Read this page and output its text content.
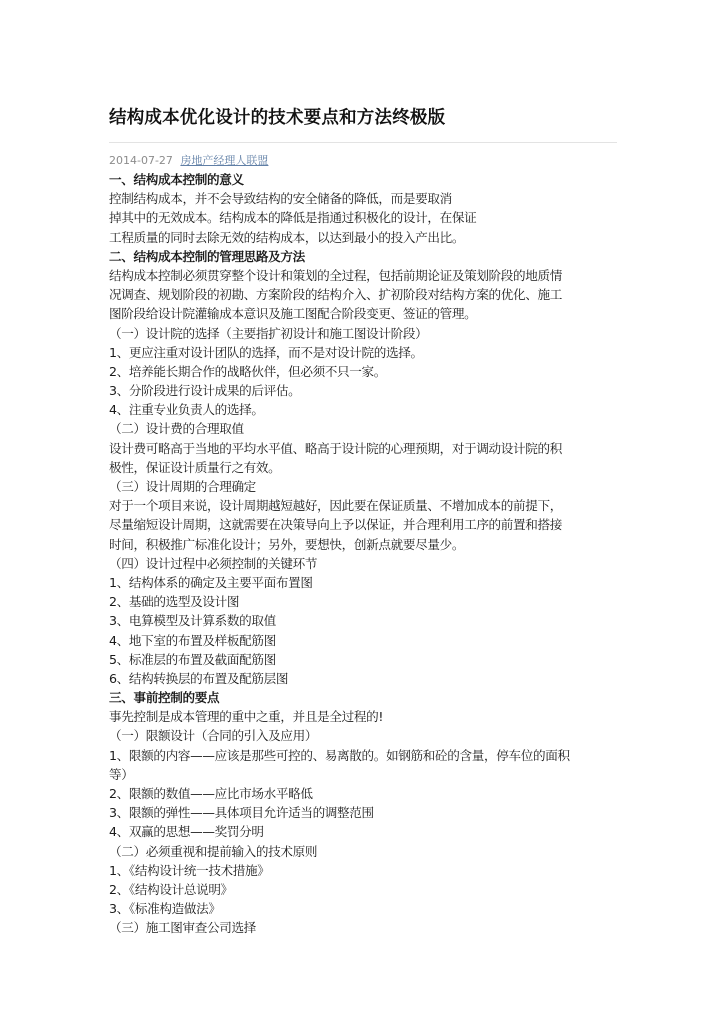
结构成本优化设计的技术要点和方法终极版
2014-07-27 房地产经理人联盟
一、结构成本控制的意义
控制结构成本，并不会导致结构的安全储备的降低，而是要取消
掉其中的无效成本。结构成本的降低是指通过积极化的设计，在保证
工程质量的同时去除无效的结构成本，以达到最小的投入产出比。
二、结构成本控制的管理思路及方法
结构成本控制必须贯穿整个设计和策划的全过程，包括前期论证及策划阶段的地质情
况调查、规划阶段的初勘、方案阶段的结构介入、扩初阶段对结构方案的优化、施工
图阶段给设计院灌输成本意识及施工图配合阶段变更、签证的管理。
（一）设计院的选择（主要指扩初设计和施工图设计阶段）
1、更应注重对设计团队的选择，而不是对设计院的选择。
2、培养能长期合作的战略伙伴，但必须不只一家。
3、分阶段进行设计成果的后评估。
4、注重专业负责人的选择。
（二）设计费的合理取值
设计费可略高于当地的平均水平值、略高于设计院的心理预期，对于调动设计院的积
极性，保证设计质量行之有效。
（三）设计周期的合理确定
对于一个项目来说，设计周期越短越好，因此要在保证质量、不增加成本的前提下，
尽量缩短设计周期，这就需要在决策导向上予以保证，并合理利用工序的前置和搭接
时间，积极推广标准化设计；另外，要想快，创新点就要尽量少。
（四）设计过程中必须控制的关键环节
1、结构体系的确定及主要平面布置图
2、基础的选型及设计图
3、电算模型及计算系数的取值
4、地下室的布置及样板配筋图
5、标准层的布置及截面配筋图
6、结构转换层的布置及配筋层图
三、事前控制的要点
事先控制是成本管理的重中之重，并且是全过程的!
（一）限额设计（合同的引入及应用）
1、限额的内容——应该是那些可控的、易离散的。如钢筋和砼的含量，停车位的面积
等）
2、限额的数值——应比市场水平略低
3、限额的弹性——具体项目允许适当的调整范围
4、双赢的思想——奖罚分明
（二）必须重视和提前输入的技术原则
1、《结构设计统一技术措施》
2、《结构设计总说明》
3、《标准构造做法》
（三）施工图审查公司选择
